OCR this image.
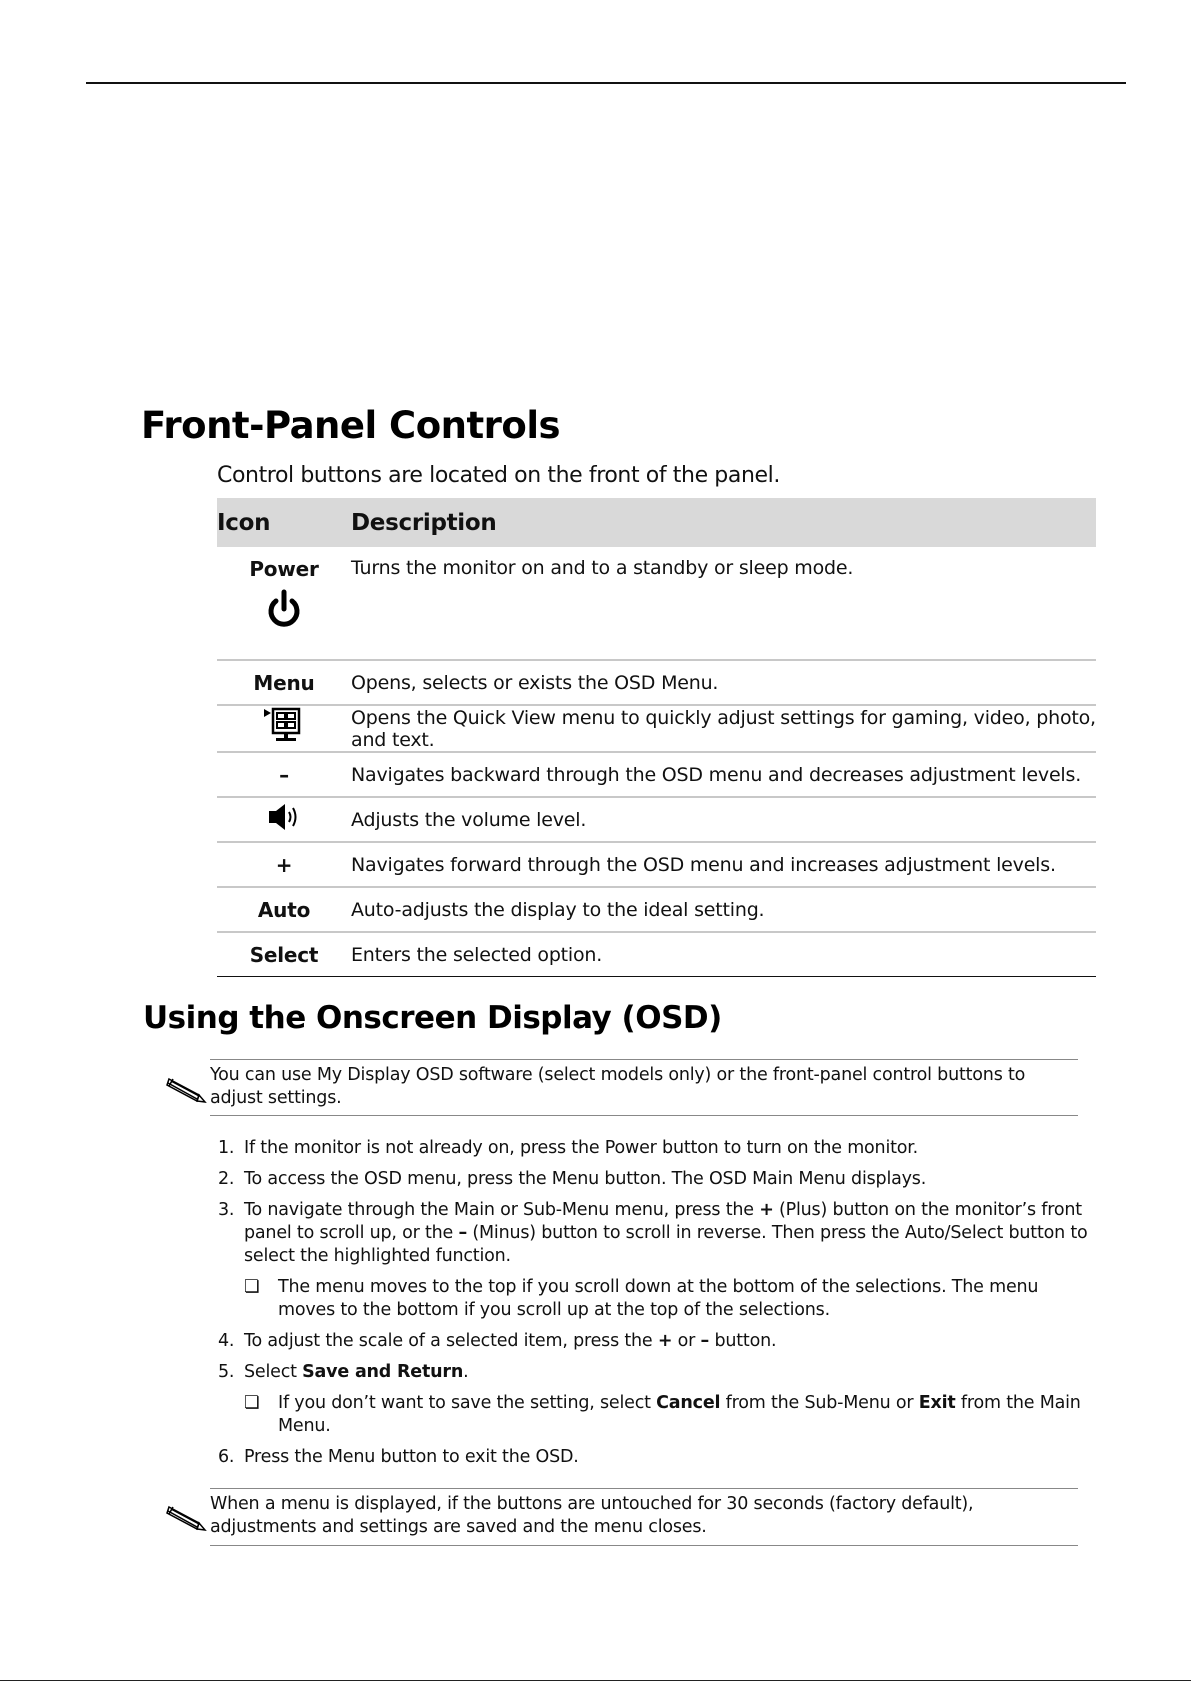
Front-Panel Controls
Control buttons are located on the front of the panel.
Icon	Description

Power	Turns the monitor on and to a standby or sleep mode.
Menu	Opens, selects or exists the OSD Menu.
	Opens the Quick View menu to quickly adjust settings for gaming, video, photo, and text.
–	Navigates backward through the OSD menu and decreases adjustment levels.
	Adjusts the volume level.
+	Navigates forward through the OSD menu and increases adjustment levels.
Auto	Auto-adjusts the display to the ideal setting.
Select	Enters the selected option.
Using the Onscreen Display (OSD)
You can use My Display OSD software (select models only) or the front-panel control buttons to adjust settings.
1. If the monitor is not already on, press the Power button to turn on the monitor.
2. To access the OSD menu, press the Menu button. The OSD Main Menu displays.
3. To navigate through the Main or Sub-Menu menu, press the + (Plus) button on the monitor’s front panel to scroll up, or the – (Minus) button to scroll in reverse. Then press the Auto/Select button to select the highlighted function.
❏	The menu moves to the top if you scroll down at the bottom of the selections. The menu moves to the bottom if you scroll up at the top of the selections.
4. To adjust the scale of a selected item, press the + or – button.
5. Select Save and Return.
❏	If you don’t want to save the setting, select Cancel from the Sub-Menu or Exit from the Main Menu.
6. Press the Menu button to exit the OSD.
When a menu is displayed, if the buttons are untouched for 30 seconds (factory default), adjustments and settings are saved and the menu closes.
